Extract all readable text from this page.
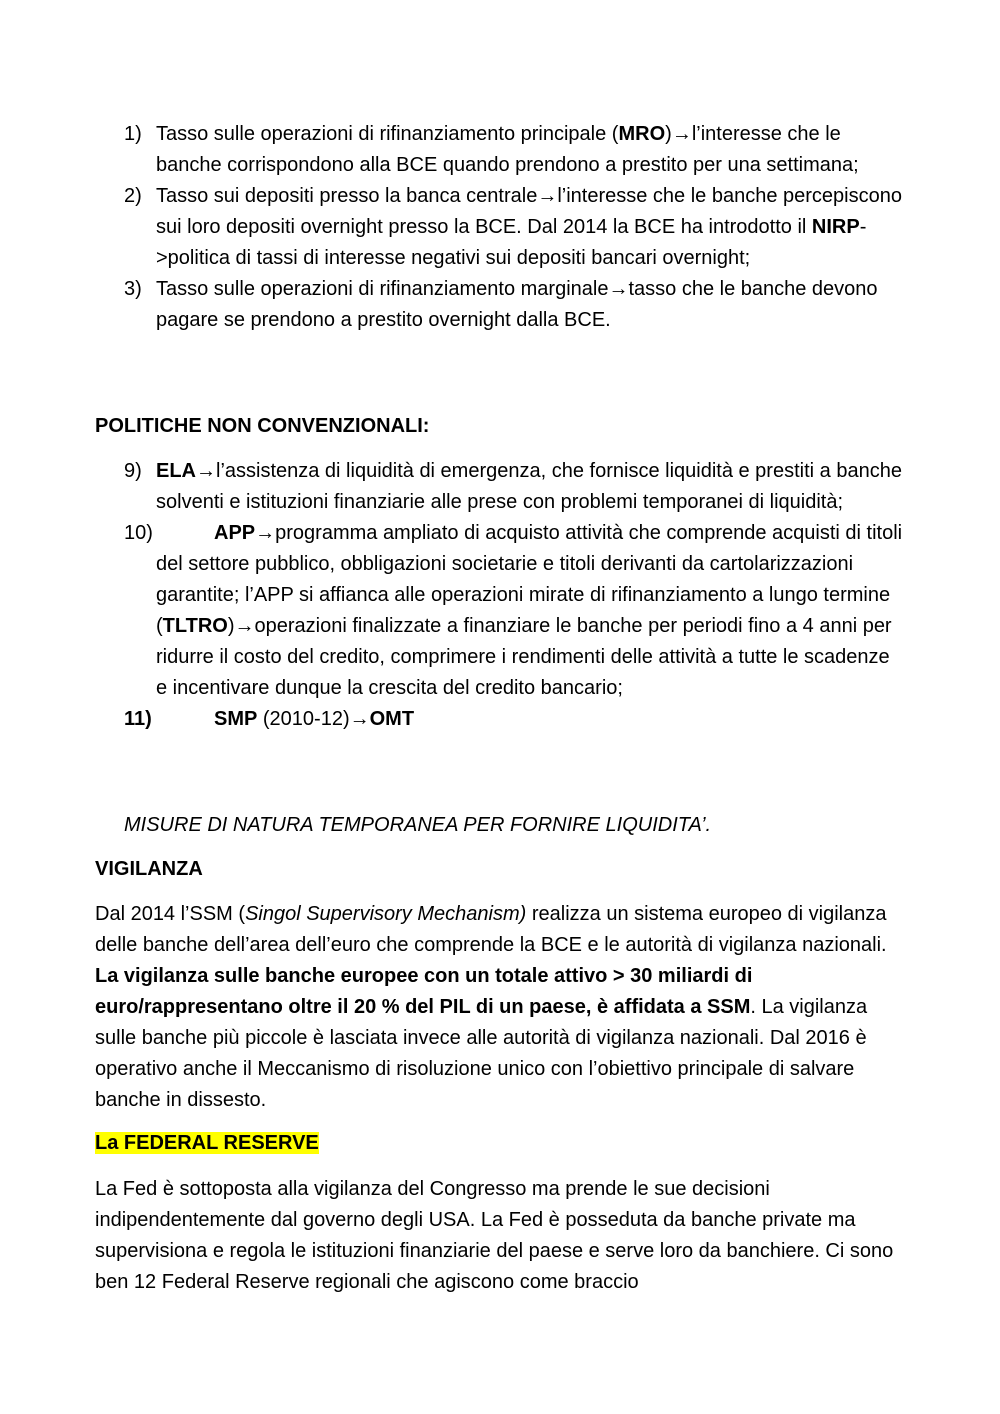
1) Tasso sulle operazioni di rifinanziamento principale (MRO)→l’interesse che le banche corrispondono alla BCE quando prendono a prestito per una settimana;
2) Tasso sui depositi presso la banca centrale→l’interesse che le banche percepiscono sui loro depositi overnight presso la BCE. Dal 2014 la BCE ha introdotto il NIRP->politica di tassi di interesse negativi sui depositi bancari overnight;
3) Tasso sulle operazioni di rifinanziamento marginale→tasso che le banche devono pagare se prendono a prestito overnight dalla BCE.
POLITICHE NON CONVENZIONALI:
9) ELA→l’assistenza di liquidità di emergenza, che fornisce liquidità e prestiti a banche solventi e istituzioni finanziarie alle prese con problemi temporanei di liquidità;
10)	APP→programma ampliato di acquisto attività che comprende acquisti di titoli del settore pubblico, obbligazioni societarie e titoli derivanti da cartolarizzazioni garantite; l’APP si affianca alle operazioni mirate di rifinanziamento a lungo termine (TLTRO)→operazioni finalizzate a finanziare le banche per periodi fino a 4 anni per ridurre il costo del credito, comprimere i rendimenti delle attività a tutte le scadenze e incentivare dunque la crescita del credito bancario;
11)	SMP (2010-12)→OMT
MISURE DI NATURA TEMPORANEA PER FORNIRE LIQUIDITA’.
VIGILANZA
Dal 2014 l’SSM (Singol Supervisory Mechanism) realizza un sistema europeo di vigilanza delle banche dell’area dell’euro che comprende la BCE e le autorità di vigilanza nazionali. La vigilanza sulle banche europee con un totale attivo > 30 miliardi di euro/rappresentano oltre il 20 % del PIL di un paese, è affidata a SSM. La vigilanza sulle banche più piccole è lasciata invece alle autorità di vigilanza nazionali. Dal 2016 è operativo anche il Meccanismo di risoluzione unico con l’obiettivo principale di salvare banche in dissesto.
La FEDERAL RESERVE
La Fed è sottoposta alla vigilanza del Congresso ma prende le sue decisioni indipendentemente dal governo degli USA. La Fed è posseduta da banche private ma supervisiona e regola le istituzioni finanziarie del paese e serve loro da banchiere. Ci sono ben 12 Federal Reserve regionali che agiscono come braccio
